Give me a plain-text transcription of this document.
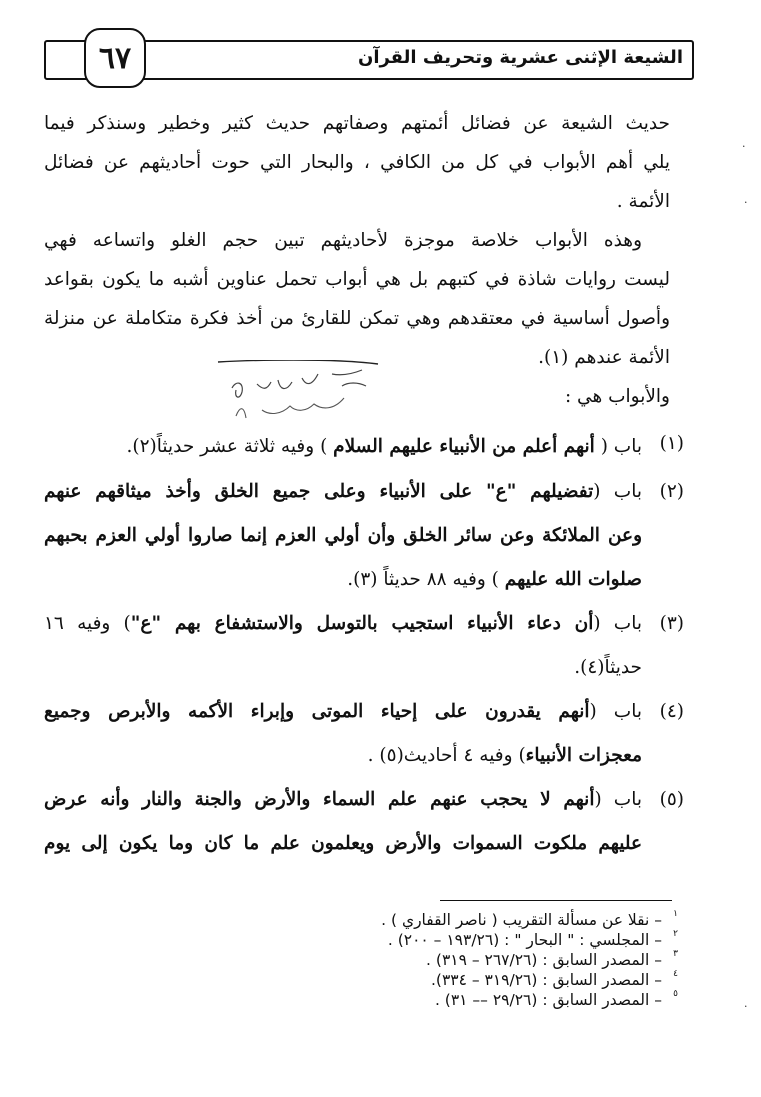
الشيعة الإثنى عشرية وتحريف القرآن
٦٧
حديث الشيعة عن فضائل أئمتهم وصفاتهم حديث كثير وخطير وسنذكر فيما
يلي أهم الأبواب في كل من الكافي ، والبحار التي حوت أحاديثهم عن فضائل
الأئمة .
وهذه الأبواب خلاصة موجزة لأحاديثهم تبين حجم الغلو واتساعه فهي
ليست روايات شاذة في كتبهم بل هي أبواب تحمل عناوين أشبه ما يكون بقواعد
وأصول أساسية في معتقدهم وهي تمكن للقارئ من أخذ فكرة متكاملة عن منزلة
الأئمة عندهم (١).
والأبواب هي :
(١)
باب ( أنهم أعلم من الأنبياء عليهم السلام ) وفيه ثلاثة عشر حديثاً(٢).
(٢)
باب (تفضيلهم "ع" على الأنبياء وعلى جميع الخلق وأخذ ميثاقهم عنهم
وعن الملائكة وعن سائر الخلق وأن أولي العزم إنما صاروا أولي العزم بحبهم
صلوات الله عليهم ) وفيه ٨٨ حديثاً (٣).
(٣)
باب (أن دعاء الأنبياء استجيب بالتوسل والاستشفاع بهم "ع") وفيه ١٦
حديثاً(٤).
(٤)
باب (أنهم يقدرون على إحياء الموتى وإبراء الأكمه والأبرص وجميع
معجزات الأنبياء) وفيه ٤ أحاديث(٥) .
(٥)
باب (أنهم لا يحجب عنهم علم السماء والأرض والجنة والنار وأنه عرض
عليهم ملكوت السموات والأرض ويعلمون علم ما كان وما يكون إلى يوم
١
– نقلا عن مسألة التقريب ( ناصر القفاري ) .
٢
– المجلسي : " البحار " : (١٩٣/٢٦ – ٢٠٠) .
٣
– المصدر السابق : (٢٦٧/٢٦ – ٣١٩) .
٤
– المصدر السابق : (٣١٩/٢٦ – ٣٣٤).
٥
– المصدر السابق : (٢٩/٢٦ –– ٣١) .
·
·
·
